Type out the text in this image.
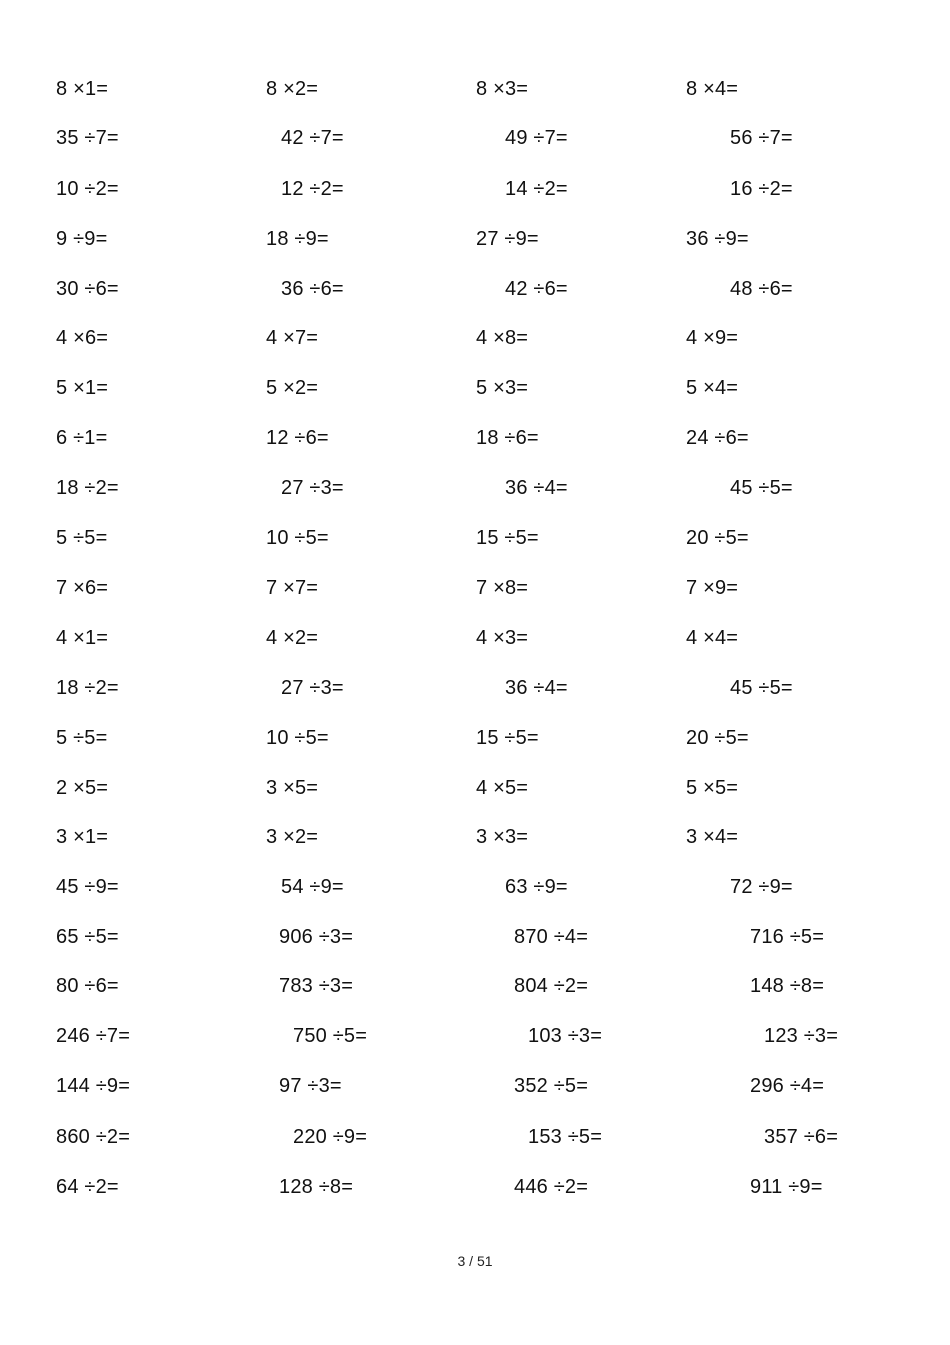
8 ×1=	8 ×2=	8 ×3=	8 ×4=
35 ÷7=	42 ÷7=	49 ÷7=	56 ÷7=
10 ÷2=	12 ÷2=	14 ÷2=	16 ÷2=
9 ÷9=	18 ÷9=	27 ÷9=	36 ÷9=
30 ÷6=	36 ÷6=	42 ÷6=	48 ÷6=
4 ×6=	4 ×7=	4 ×8=	4 ×9=
5 ×1=	5 ×2=	5 ×3=	5 ×4=
6 ÷1=	12 ÷6=	18 ÷6=	24 ÷6=
18 ÷2=	27 ÷3=	36 ÷4=	45 ÷5=
5 ÷5=	10 ÷5=	15 ÷5=	20 ÷5=
7 ×6=	7 ×7=	7 ×8=	7 ×9=
4 ×1=	4 ×2=	4 ×3=	4 ×4=
18 ÷2=	27 ÷3=	36 ÷4=	45 ÷5=
5 ÷5=	10 ÷5=	15 ÷5=	20 ÷5=
2 ×5=	3 ×5=	4 ×5=	5 ×5=
3 ×1=	3 ×2=	3 ×3=	3 ×4=
45 ÷9=	54 ÷9=	63 ÷9=	72 ÷9=
65 ÷5=	906 ÷3=	870 ÷4=	716 ÷5=
80 ÷6=	783 ÷3=	804 ÷2=	148 ÷8=
246 ÷7=	750 ÷5=	103 ÷3=	123 ÷3=
144 ÷9=	97 ÷3=	352 ÷5=	296 ÷4=
860 ÷2=	220 ÷9=	153 ÷5=	357 ÷6=
64 ÷2=	128 ÷8=	446 ÷2=	911 ÷9=
3 / 51
